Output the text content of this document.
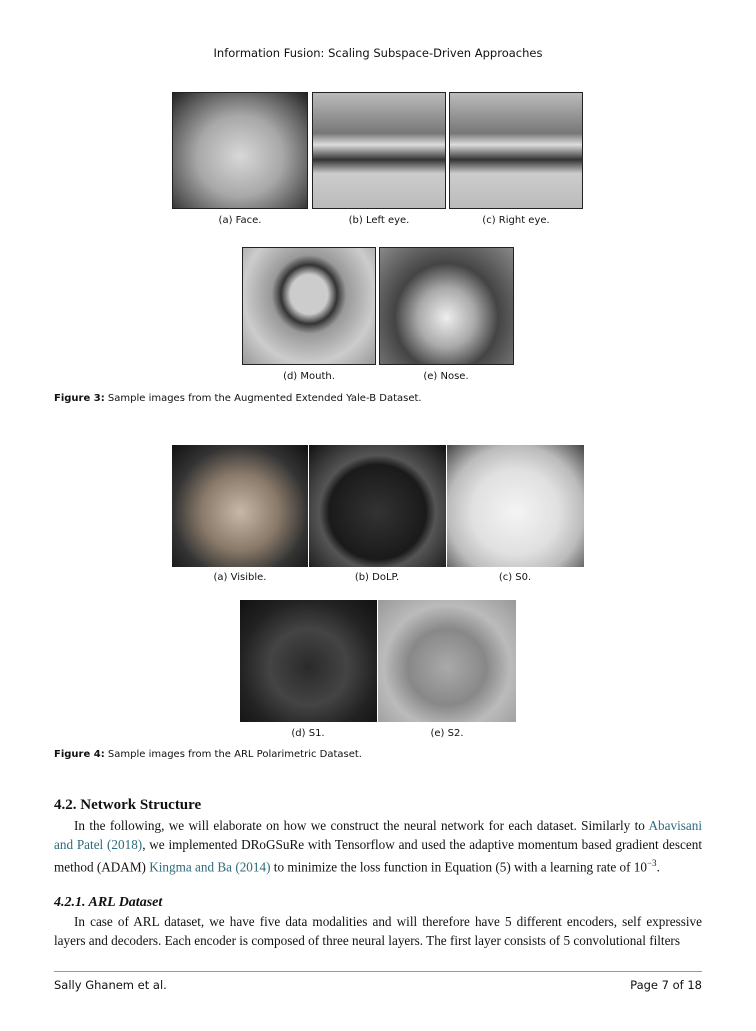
Information Fusion: Scaling Subspace-Driven Approaches
(a) Face.	(b) Left eye.	(c) Right eye.
(d) Mouth.	(e) Nose.
Figure 3: Sample images from the Augmented Extended Yale-B Dataset.
(a) Visible.	(b) DoLP.	(c) S0.
(d) S1.	(e) S2.
Figure 4: Sample images from the ARL Polarimetric Dataset.
4.2. Network Structure
In the following, we will elaborate on how we construct the neural network for each dataset. Similarly to Abavisani and Patel (2018), we implemented DRoGSuRe with Tensorflow and used the adaptive momentum based gradient descent method (ADAM) Kingma and Ba (2014) to minimize the loss function in Equation (5) with a learning rate of $10^{-3}$.
4.2.1. ARL Dataset
In case of ARL dataset, we have five data modalities and will therefore have 5 different encoders, self expressive layers and decoders. Each encoder is composed of three neural layers. The first layer consists of 5 convolutional filters
Sally Ghanem et al.	Page 7 of 18
